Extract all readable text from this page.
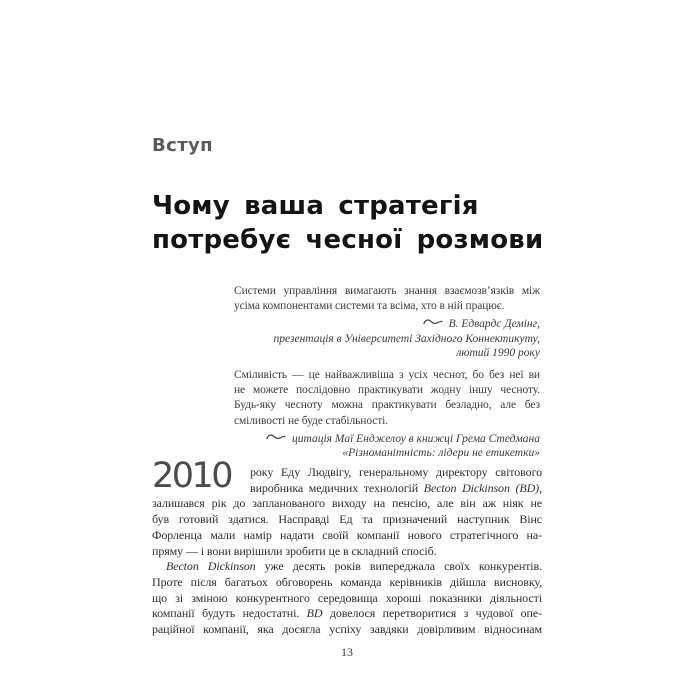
Вступ
Чому ваша стратегія
потребує чесної розмови
Системи управління вимагають знання взаємозв’язків між
усіма компонентами системи та всіма, хто в ній працює.
В. Едвардс Демінг,
презентація в Університеті Західного Коннектикуту,
лютий 1990 року
Сміливість — це найважливіша з усіх чеснот, бо без неї ви
не можете послідовно практикувати жодну іншу чесноту.
Будь-яку чесноту можна практикувати безладно, але без
сміливості не буде стабільності.
цитація Маї Енджелоу в книжці Грема Стедмана
«Різноманітність: лідери не етикетки»
2010 року Еду Людвігу, генеральному директору світового
виробника медичних технологій Becton Dickinson (BD),
залишався рік до запланованого виходу на пенсію, але він аж ніяк не
був готовий здатися. Насправді Ед та призначений наступник Вінс
Форленца мали намір надати своїй компанії нового стратегічного на-
пряму — і вони вирішили зробити це в складний спосіб.
Becton Dickinson уже десять років випереджала своїх конкурентів.
Проте після багатьох обговорень команда керівників дійшла висновку,
що зі зміною конкурентного середовища хороші показники діяльності
компанії будуть недостатні. BD довелося перетворитися з чудової опе-
раційної компанії, яка досягла успіху завдяки довірливим відносинам
13
